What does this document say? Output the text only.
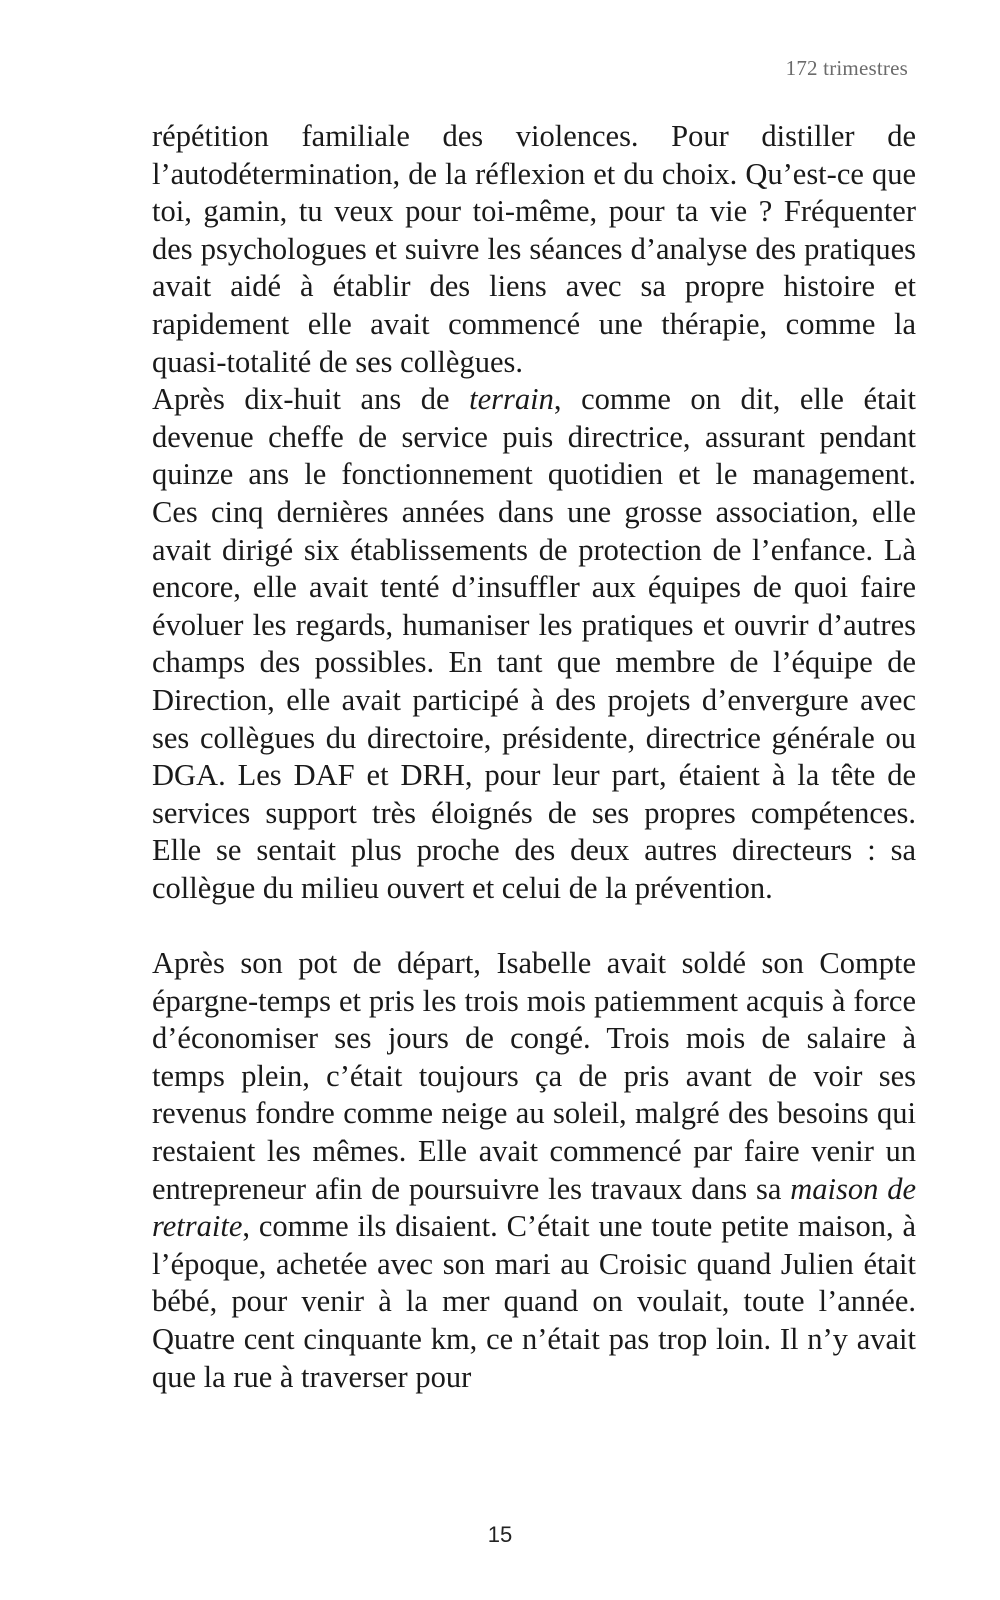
172 trimestres

répétition familiale des violences. Pour distiller de l’autodétermination, de la réflexion et du choix. Qu’est-ce que toi, gamin, tu veux pour toi-même, pour ta vie ? Fréquenter des psychologues et suivre les séances d’analyse des pratiques avait aidé à établir des liens avec sa propre histoire et rapidement elle avait commencé une thérapie, comme la quasi-totalité de ses collègues.

Après dix-huit ans de terrain, comme on dit, elle était devenue cheffe de service puis directrice, assurant pendant quinze ans le fonctionnement quotidien et le management. Ces cinq dernières années dans une grosse association, elle avait dirigé six établissements de protection de l’enfance. Là encore, elle avait tenté d’insuffler aux équipes de quoi faire évoluer les regards, humaniser les pratiques et ouvrir d’autres champs des possibles. En tant que membre de l’équipe de Direction, elle avait participé à des projets d’envergure avec ses collègues du directoire, présidente, directrice générale ou DGA. Les DAF et DRH, pour leur part, étaient à la tête de services support très éloignés de ses propres compétences. Elle se sentait plus proche des deux autres directeurs : sa collègue du milieu ouvert et celui de la prévention.

Après son pot de départ, Isabelle avait soldé son Compte épargne-temps et pris les trois mois patiemment acquis à force d’économiser ses jours de congé. Trois mois de salaire à temps plein, c’était toujours ça de pris avant de voir ses revenus fondre comme neige au soleil, malgré des besoins qui restaient les mêmes. Elle avait commencé par faire venir un entrepreneur afin de poursuivre les travaux dans sa maison de retraite, comme ils disaient. C’était une toute petite maison, à l’époque, achetée avec son mari au Croisic quand Julien était bébé, pour venir à la mer quand on voulait, toute l’année. Quatre cent cinquante km, ce n’était pas trop loin. Il n’y avait que la rue à traverser pour

15
